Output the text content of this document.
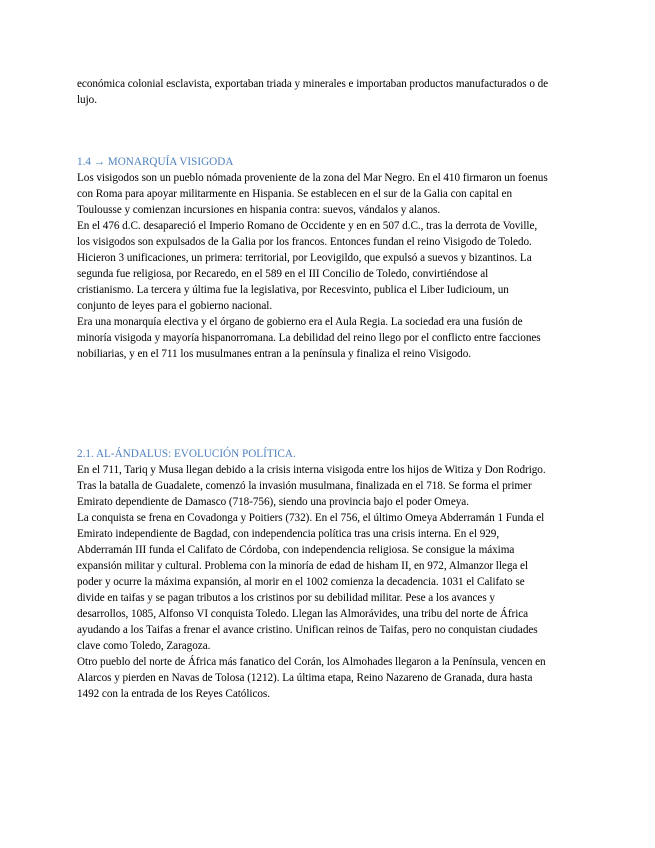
económica colonial esclavista, exportaban triada y minerales e importaban productos manufacturados o de
lujo.
1.4 → MONARQUÍA VISIGODA
Los visigodos son un pueblo nómada proveniente de la zona del Mar Negro. En el 410 firmaron un foenus
con Roma para apoyar militarmente en Hispania. Se establecen en el sur de la Galia con capital en
Toulousse y comienzan incursiones en hispania contra: suevos, vándalos y alanos.
En el 476 d.C. desapareció el Imperio Romano de Occidente y en en 507 d.C., tras la derrota de Voville,
los visigodos son expulsados de la Galia por los francos. Entonces fundan el reino Visigodo de Toledo.
Hicieron 3 unificaciones, un primera: territorial, por Leovigildo, que expulsó a suevos y bizantinos. La
segunda fue religiosa, por Recaredo, en el 589 en el III Concilio de Toledo, convirtiéndose al
cristianismo. La tercera y última fue la legislativa, por Recesvinto, publica el Liber Iudicioum, un
conjunto de leyes para el gobierno nacional.
Era una monarquía electiva y el órgano de gobierno era el Aula Regia. La sociedad era una fusión de
minoría visigoda y mayoría hispanorromana. La debilidad del reino llego por el conflicto entre facciones
nobiliarias, y en el 711 los musulmanes entran a la península y finaliza el reino Visigodo.
2.1. AL-ÁNDALUS: EVOLUCIÓN POLÍTICA.
En el 711, Tariq y Musa llegan debido a la crisis interna visigoda entre los hijos de Witiza y Don Rodrigo.
Tras la batalla de Guadalete, comenzó la invasión musulmana, finalizada en el 718. Se forma el primer
Emirato dependiente de Damasco (718-756), siendo una provincia bajo el poder Omeya.
La conquista se frena en Covadonga y Poitiers (732). En el 756, el último Omeya Abderramán 1 Funda el
Emirato independiente de Bagdad, con independencia política tras una crisis interna. En el 929,
Abderramán III funda el Califato de Córdoba, con independencia religiosa. Se consigue la máxima
expansión militar y cultural. Problema con la minoría de edad de hisham II, en 972, Almanzor llega el
poder y ocurre la máxima expansión, al morir en el 1002 comienza la decadencia. 1031 el Califato se
divide en taifas y se pagan tributos a los cristinos por su debilidad militar. Pese a los avances y
desarrollos, 1085, Alfonso VI conquista Toledo. Llegan las Almorávides, una tribu del norte de África
ayudando a los Taifas a frenar el avance cristino. Unifican reinos de Taifas, pero no conquistan ciudades
clave como Toledo, Zaragoza.
Otro pueblo del norte de África más fanatico del Corán, los Almohades llegaron a la Península, vencen en
Alarcos y pierden en Navas de Tolosa (1212). La última etapa, Reino Nazareno de Granada, dura hasta
1492 con la entrada de los Reyes Católicos.
